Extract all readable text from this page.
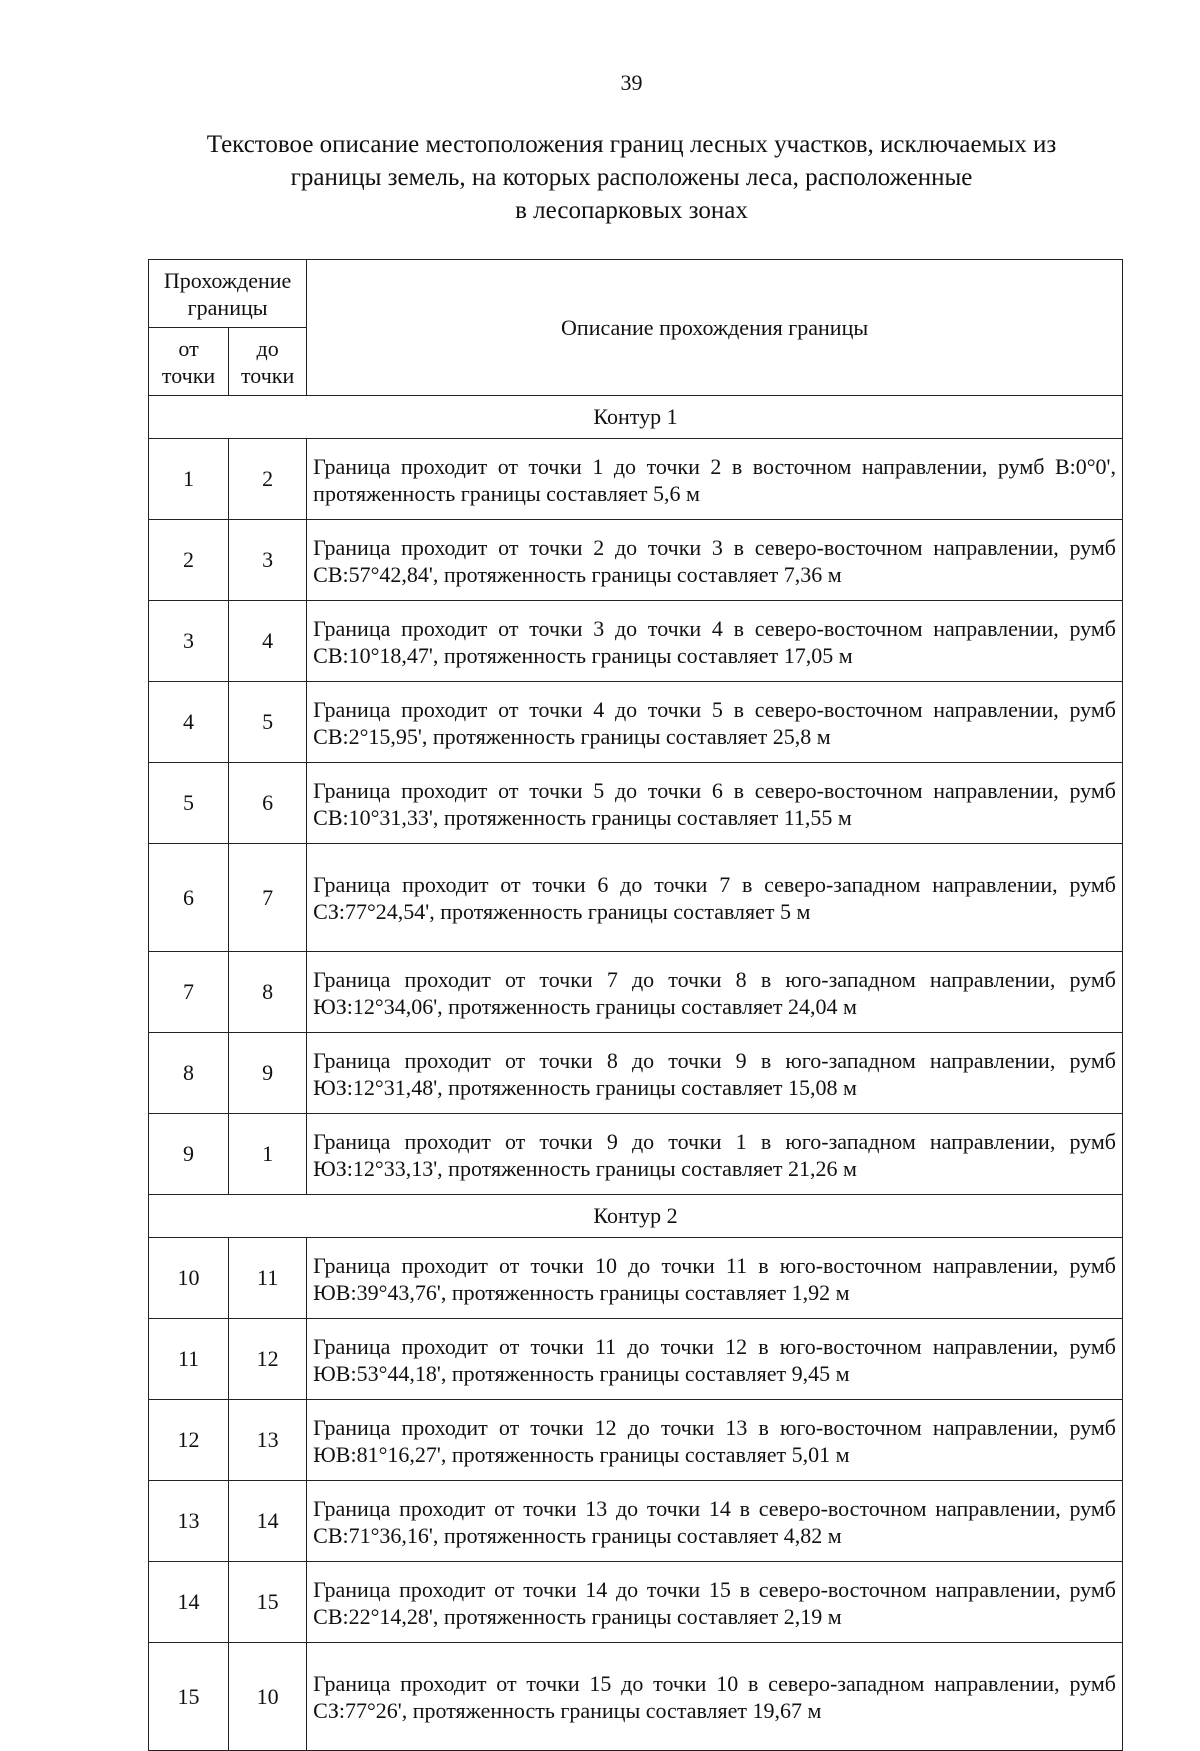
39
Текстовое описание местоположения границ лесных участков, исключаемых из
границы земель, на которых расположены леса, расположенные
в лесопарковых зонах
Прохождение границы		Описание прохождения границы
от точки	до точки	
Контур 1		
1	2	Граница проходит от точки 1 до точки 2 в восточном направлении, румб В:0°0', протяженность границы составляет 5,6 м
2	3	Граница проходит от точки 2 до точки 3 в северо-восточном направлении, румб СВ:57°42,84', протяженность границы составляет 7,36 м
3	4	Граница проходит от точки 3 до точки 4 в северо-восточном направлении, румб СВ:10°18,47', протяженность границы составляет 17,05 м
4	5	Граница проходит от точки 4 до точки 5 в северо-восточном направлении, румб СВ:2°15,95', протяженность границы составляет 25,8 м
5	6	Граница проходит от точки 5 до точки 6 в северо-восточном направлении, румб СВ:10°31,33', протяженность границы составляет 11,55 м
6	7	Граница проходит от точки 6 до точки 7 в северо-западном направлении, румб СЗ:77°24,54', протяженность границы составляет 5 м
7	8	Граница проходит от точки 7 до точки 8 в юго-западном направлении, румб ЮЗ:12°34,06', протяженность границы составляет 24,04 м
8	9	Граница проходит от точки 8 до точки 9 в юго-западном направлении, румб ЮЗ:12°31,48', протяженность границы составляет 15,08 м
9	1	Граница проходит от точки 9 до точки 1 в юго-западном направлении, румб ЮЗ:12°33,13', протяженность границы составляет 21,26 м
Контур 2		
10	11	Граница проходит от точки 10 до точки 11 в юго-восточном направлении, румб ЮВ:39°43,76', протяженность границы составляет 1,92 м
11	12	Граница проходит от точки 11 до точки 12 в юго-восточном направлении, румб ЮВ:53°44,18', протяженность границы составляет 9,45 м
12	13	Граница проходит от точки 12 до точки 13 в юго-восточном направлении, румб ЮВ:81°16,27', протяженность границы составляет 5,01 м
13	14	Граница проходит от точки 13 до точки 14 в северо-восточном направлении, румб СВ:71°36,16', протяженность границы составляет 4,82 м
14	15	Граница проходит от точки 14 до точки 15 в северо-восточном направлении, румб СВ:22°14,28', протяженность границы составляет 2,19 м
15	10	Граница проходит от точки 15 до точки 10 в северо-западном направлении, румб СЗ:77°26', протяженность границы составляет 19,67 м
